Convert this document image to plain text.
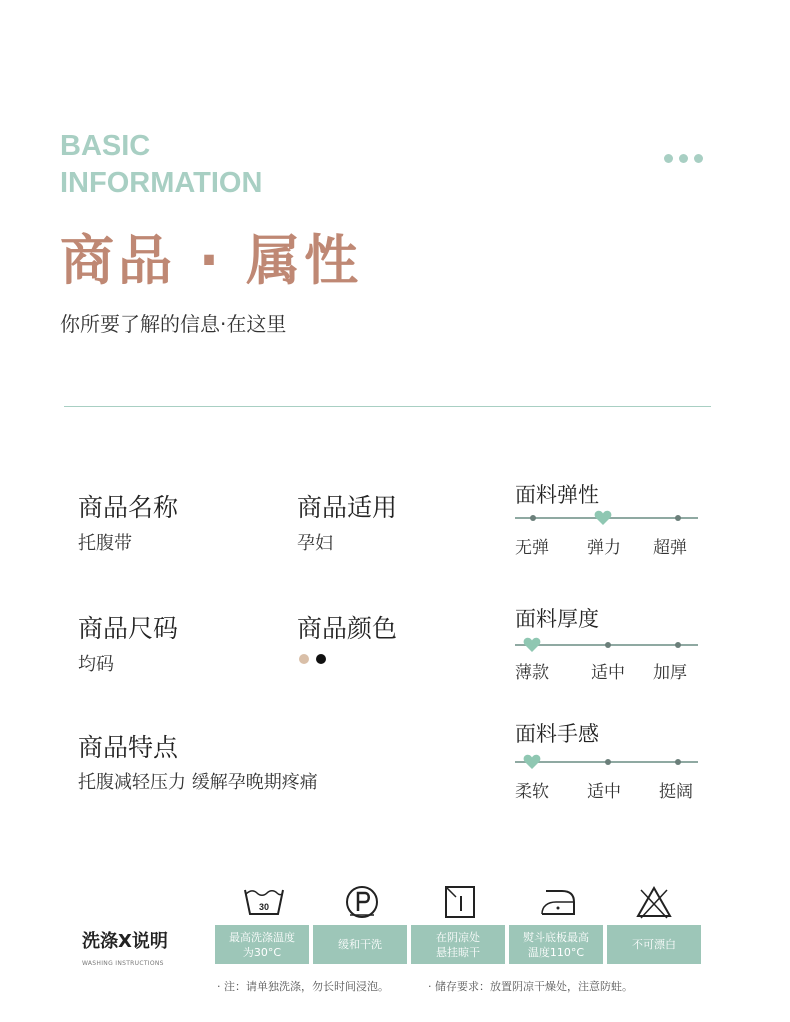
BASIC
INFORMATION
商品 · 属性
你所要了解的信息·在这里
商品名称
托腹带
商品适用
孕妇
商品尺码
均码
商品颜色
商品特点
托腹减轻压力 缓解孕晚期疼痛
面料弹性
无弹 弹力 超弹
面料厚度
薄款 适中 加厚
面料手感
柔软 适中 挺阔
洗涤X说明
WASHING INSTRUCTIONS
30
最高洗涤温度
为30°C
缓和干洗
在阴凉处
悬挂晾干
熨斗底板最高
温度110°C
不可漂白
· 注：请单独洗涤，勿长时间浸泡。	· 储存要求：放置阴凉干燥处，注意防蛀。
